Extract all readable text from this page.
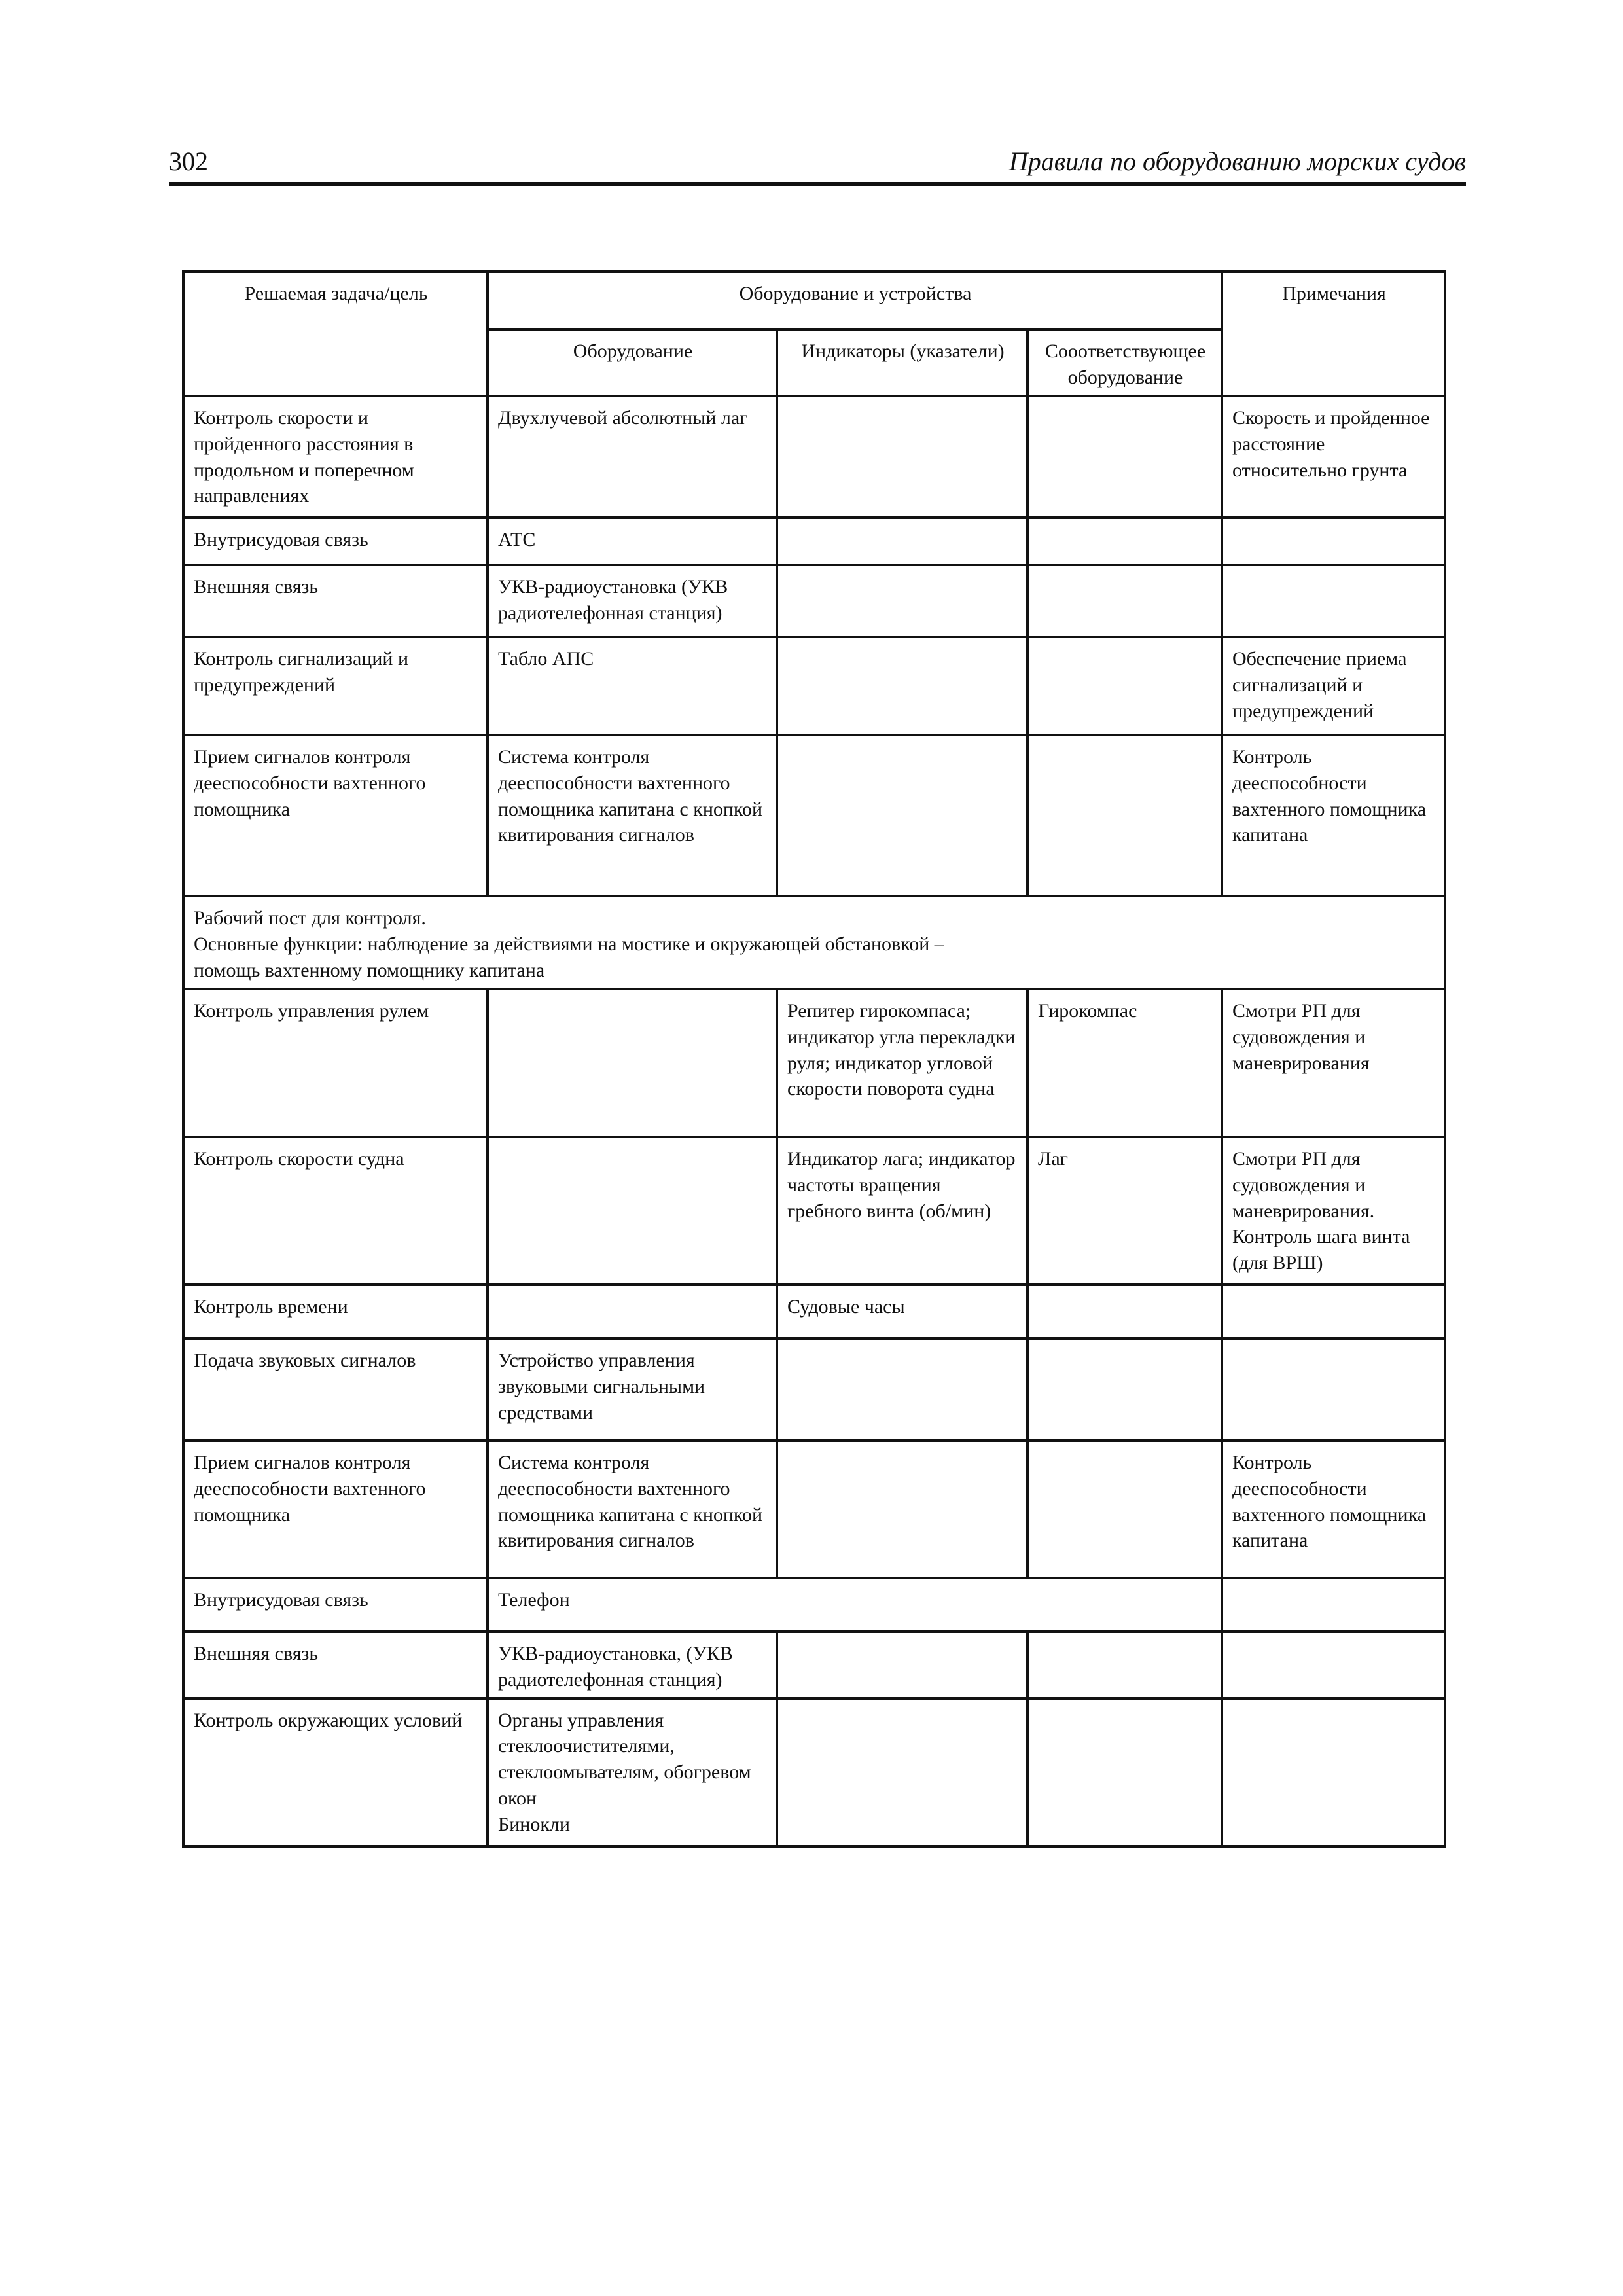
302	Правила по оборудованию морских судов
Решаемая задача/цель	Оборудование и устройства			Примечания
	Оборудование	Индикаторы (указатели)	Сооответствующее оборудование	
Контроль скорости и пройденного расстояния в продольном и поперечном направлениях	Двухлучевой абсолютный лаг			Скорость и пройденное расстояние относительно грунта
Внутрисудовая связь	АТС			
Внешняя связь	УКВ-радиоустановка (УКВ радиотелефонная станция)			
Контроль сигнализаций и предупреждений	Табло АПС			Обеспечение приема сигнализаций и предупреждений
Прием сигналов контроля дееспособности вахтенного помощника	Система контроля дееспособности вахтенного помощника капитана с кнопкой квитирования сигналов			Контроль дееспособности вахтенного помощника капитана

Рабочий пост для контроля.
Основные функции: наблюдение за действиями на мостике и окружающей обстановкой –
помощь вахтенному помощнику капитана				

Контроль управления рулем		Репитер гирокомпаса; индикатор угла перекладки руля; индикатор угловой скорости поворота судна	Гирокомпас	Смотри РП для судовождения и маневрирования
Контроль скорости судна		Индикатор лага; индикатор частоты вращения гребного винта (об/мин)	Лаг	Смотри РП для судовождения и маневрирования. Контроль шага винта (для ВРШ)
Контроль времени		Судовые часы		
Подача звуковых сигналов	Устройство управления звуковыми сигнальными средствами			
Прием сигналов контроля дееспособности вахтенного помощника	Система контроля дееспособности вахтенного помощника капитана с кнопкой квитирования сигналов			Контроль дееспособности вахтенного помощника капитана
Внутрисудовая связь	Телефон			
Внешняя связь	УКВ-радиоустановка, (УКВ радиотелефонная станция)			
Контроль окружающих условий	Органы управления стеклоочистителями, стеклоомывателям, обогревом окон
Бинокли			
